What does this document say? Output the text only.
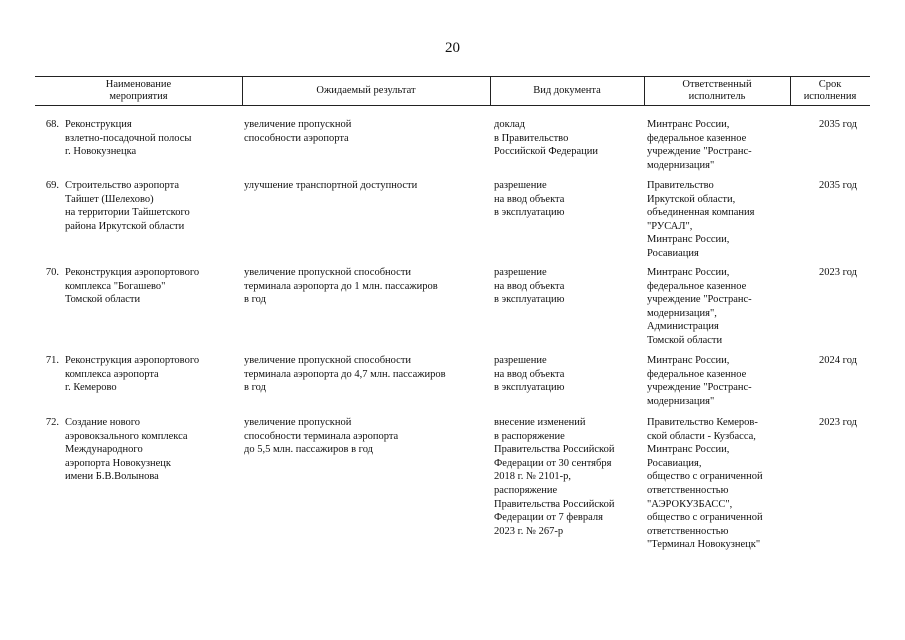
20
Наименование
мероприятия
Ожидаемый результат	Вид документа
Ответственный
исполнитель
Срок
исполнения
68. Реконструкция
взлетно-посадочной полосы
г. Новокузнецка
увеличение пропускной
способности аэропорта
доклад
в Правительство
Российской Федерации
Минтранс России,
федеральное казенное
учреждение "Ространс-
модернизация"
2035 год
69. Строительство аэропорта
Тайшет (Шелехово)
на территории Тайшетского
района Иркутской области
улучшение транспортной доступности	разрешение
на ввод объекта
в эксплуатацию
Правительство
Иркутской области,
объединенная компания
"РУСАЛ",
Минтранс России,
Росавиация
2035 год
70. Реконструкция аэропортового
комплекса "Богашево"
Томской области
увеличение пропускной способности
терминала аэропорта до 1 млн. пассажиров
в год
разрешение
на ввод объекта
в эксплуатацию
Минтранс России,
федеральное казенное
учреждение "Ространс-
модернизация",
Администрация
Томской области
2023 год
71. Реконструкция аэропортового
комплекса аэропорта
г. Кемерово
увеличение пропускной способности
терминала аэропорта до 4,7 млн. пассажиров
в год
разрешение
на ввод объекта
в эксплуатацию
Минтранс России,
федеральное казенное
учреждение "Ространс-
модернизация"
2024 год
72. Создание нового
аэровокзального комплекса
Международного
аэропорта Новокузнецк
имени Б.В.Волынова
увеличение пропускной
способности терминала аэропорта
до 5,5 млн. пассажиров в год
внесение изменений
в распоряжение
Правительства Российской
Федерации от 30 сентября
2018 г. № 2101-р,
распоряжение
Правительства Российской
Федерации от 7 февраля
2023 г. № 267-р
Правительство Кемеров-
ской области - Кузбасса,
Минтранс России,
Росавиация,
общество с ограниченной
ответственностью
"АЭРОКУЗБАСС",
общество с ограниченной
ответственностью
"Терминал Новокузнецк"
2023 год
